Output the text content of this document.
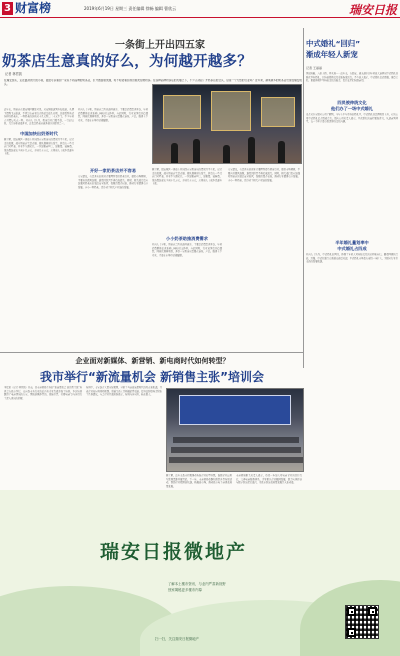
3 财富榜	2019年6月19日 星期三 责任编辑 徐畅 编辑 曹欣云	瑞安日报
一条街上开出四五家
奶茶店生意真的好么，为何越开越多？
记者 林哲凯
在瑞安街头，走在路边的大街小巷，随处可以看到一家家不同品牌的奶茶店，打开微信朋友圈，时不时能看到身边朋友在晒奶茶。在各种品牌奶茶店的火爆之下，不少人动起了开奶茶店的念头，这是一个大热的行业吗？近年来，越来越多的奶茶店出现在瑞安街头。
近年来，奶茶店在瑞安城区随处可见。从安阳街道到玉海街道，从塘下镇到飞云街道，不管是在商业综合体还是街头巷尾，总能看到各式各样的奶茶店。一杯奶茶的价格从十几元到二三十元不等，不少年轻人习惯每天点一杯。业内人士认为，奶茶行业门槛不高，一台封口机、几台冰柜就能开业，这也是奶茶店越开越多的原因之一。
中国加快出奶茶时代
据了解，瑞安城区一条街上开出四五家奶茶店的情况并不少见。记者走访发现，部分奶茶店生意火爆，排队现象时有发生，但也有一些门店门可罗雀，开业不久便转让。一位加盟商坦言，加盟费、装修费、设备费加起来少则十几万元，多则几十万元，房租和人工成本也逐年上涨。
业内人士分析，奶茶店之所以越开越多，主要是消费需求旺盛，年轻消费群体追求新鲜口味和社交体验。与此同时，行业竞争也日趋激烈，同质化现象明显，开好一家奶茶店需要在选址、产品、服务上下功夫，才能在市场中站稳脚跟。
开好一家奶茶店并不容易
专家建议，有意开店的创业者要理性看待奶茶行业，做好市场调研，不要盲目跟风加盟，避免因经营不善造成损失。同时，相关部门也应加强对奶茶店的食品安全监管，保障消费者权益，推动行业健康有序发展。小小一杯奶茶，也带动了相关产业链的发展。
据了解，瑞安城区一条街上开出四五家奶茶店的情况并不少见。记者走访发现，部分奶茶店生意火爆，排队现象时有发生，但也有一些门店门可罗雀，开业不久便转让。一位加盟商坦言，加盟费、装修费、设备费加起来少则十几万元，多则几十万元，房租和人工成本也逐年上涨。
小小奶茶助推消费需求
业内人士分析，奶茶店之所以越开越多，主要是消费需求旺盛，年轻消费群体追求新鲜口味和社交体验。与此同时，行业竞争也日趋激烈，同质化现象明显，开好一家奶茶店需要在选址、产品、服务上下功夫，才能在市场中站稳脚跟。
专家建议，有意开店的创业者要理性看待奶茶行业，做好市场调研，不要盲目跟风加盟，避免因经营不善造成损失。同时，相关部门也应加强对奶茶店的食品安全监管，保障消费者权益，推动行业健康有序发展。小小一杯奶茶，也带动了相关产业链的发展。
中式婚礼“回归”
渐成年轻人新宠
记者 王丽丽
凤冠霞帔、八抬大轿、拜天地……近年来，在瑞安，越来越多的年轻新人选择以中式婚礼的形式举办婚礼，让传统婚俗文化重新焕发活力。不少新人表示，中式婚礼仪式感强，寓意美好，更能体现中华传统文化的魅力，也让长辈们倍感亲切。
四员被伸统文化
他们办了一场中式婚礼
记者从多家婚庆公司了解到，今年上半年承办的婚礼中，中式婚礼的比例明显上升，有的公司中式婚礼已占四成左右。婚庆公司负责人表示，中式婚礼的流程更加讲究，从迎亲到拜堂，每一个环节都有着深厚的文化内涵。
半年婚礼量划率中
中式婚礼占四成
业内人士认为，中式婚礼的回归，体现了年轻人对传统文化的认同和自信。随着国潮的兴起，汉服、中式礼服等元素越来越受欢迎，中式婚礼市场也有望进一步扩大，为婚庆行业带来新的发展机遇。
企业面对新媒体、新营销、新电商时代如何转型？
我市举行“新流量机会 新销售主张”培训会
本报讯（记者 林哲凯）日前，由市商务局主办的“新流量机会 新销售主张”培训会在我市举行，来自我市各行业的近百名企业代表参加了培训。本次培训邀请了电商领域的专家，围绕新媒体营销、直播带货、社群电商等内容进行了深入浅出的讲解。
培训中，专家结合大量实际案例，分析了当前新流量时代的特点和机遇，并就企业如何利用短视频、直播等新工具拓展销售渠道、提升品牌影响力给出了具体建议。与会企业代表纷纷表示，培训内容实用，收获很大。
据了解，近年来我市积极推动传统企业转型升级，鼓励企业运用互联网思维开展营销。下一步，市商务局将继续组织各类培训活动，帮助企业把握新机遇，拓展新市场，推动我市电子商务高质量发展。
市商务局相关负责人表示，将进一步加大对电商企业的扶持力度，完善电商服务体系，引导更多企业触网发展，助力实体经济与数字经济深度融合，为我市经济高质量发展注入新动能。
瑞安日报微地产
了解本土楼市资讯，与业内严肃新视野
独家揭秘更多楼市内幕
扫一扫，关注瑞安日报微地产
